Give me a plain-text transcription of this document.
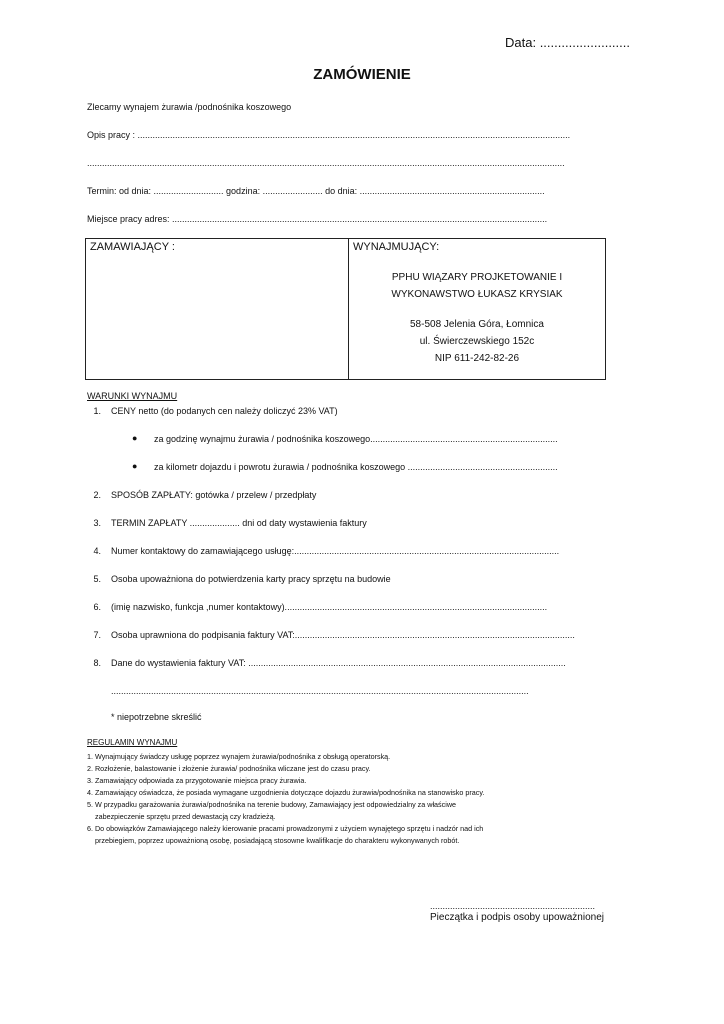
Data: .........................
ZAMÓWIENIE
Zlecamy wynajem żurawia /podnośnika koszowego
Opis pracy : .............................................................................................................................................................................
...............................................................................................................................................................................................
Termin: od dnia: ............................ godzina: ........................ do dnia: ..........................................................................
Miejsce pracy adres: ......................................................................................................................................................
ZAMAWIAJĄCY :	WYNAJMUJĄCY:
PPHU WIĄZARY PROJKETOWANIE I
WYKONAWSTWO ŁUKASZ KRYSIAK
58-508 Jelenia Góra, Łomnica
ul. Świerczewskiego 152c
NIP 611-242-82-26
WARUNKI WYNAJMU
1. CENY netto (do podanych cen należy doliczyć 23% VAT)
● za godzinę wynajmu żurawia / podnośnika koszowego...........................................................................
● za kilometr dojazdu i powrotu żurawia / podnośnika koszowego ............................................................
2. SPOSÓB ZAPŁATY: gotówka / przelew / przedpłaty
3. TERMIN ZAPŁATY .................... dni od daty wystawienia faktury
4. Numer kontaktowy do zamawiającego usługę:..........................................................................................................
5. Osoba upoważniona do potwierdzenia karty pracy sprzętu na budowie
6. (imię nazwisko, funkcja ,numer kontaktowy).........................................................................................................
7. Osoba uprawniona do podpisania faktury VAT:................................................................................................................
8. Dane do wystawienia faktury VAT: ...............................................................................................................................
.......................................................................................................................................................................
* niepotrzebne skreślić
REGULAMIN WYNAJMU
1. Wynajmujący świadczy usługę poprzez wynajem żurawia/podnośnika z obsługą operatorską.
2. Rozłożenie, balastowanie i złożenie żurawia/ podnośnika wliczane jest do czasu pracy.
3. Zamawiający odpowiada za przygotowanie miejsca pracy żurawia.
4. Zamawiający oświadcza, że posiada wymagane uzgodnienia dotyczące dojazdu żurawia/podnośnika na stanowisko pracy.
5. W przypadku garażowania żurawia/podnośnika na terenie budowy, Zamawiający jest odpowiedzialny za właściwe
zabezpieczenie sprzętu przed dewastacją czy kradzieżą.
6. Do obowiązków Zamawiającego należy kierowanie pracami prowadzonymi z użyciem wynajętego sprzętu i nadzór nad ich
przebiegiem, poprzez upoważnioną osobę, posiadającą stosowne kwalifikacje do charakteru wykonywanych robót.
..................................................................
Pieczątka i podpis osoby upoważnionej
